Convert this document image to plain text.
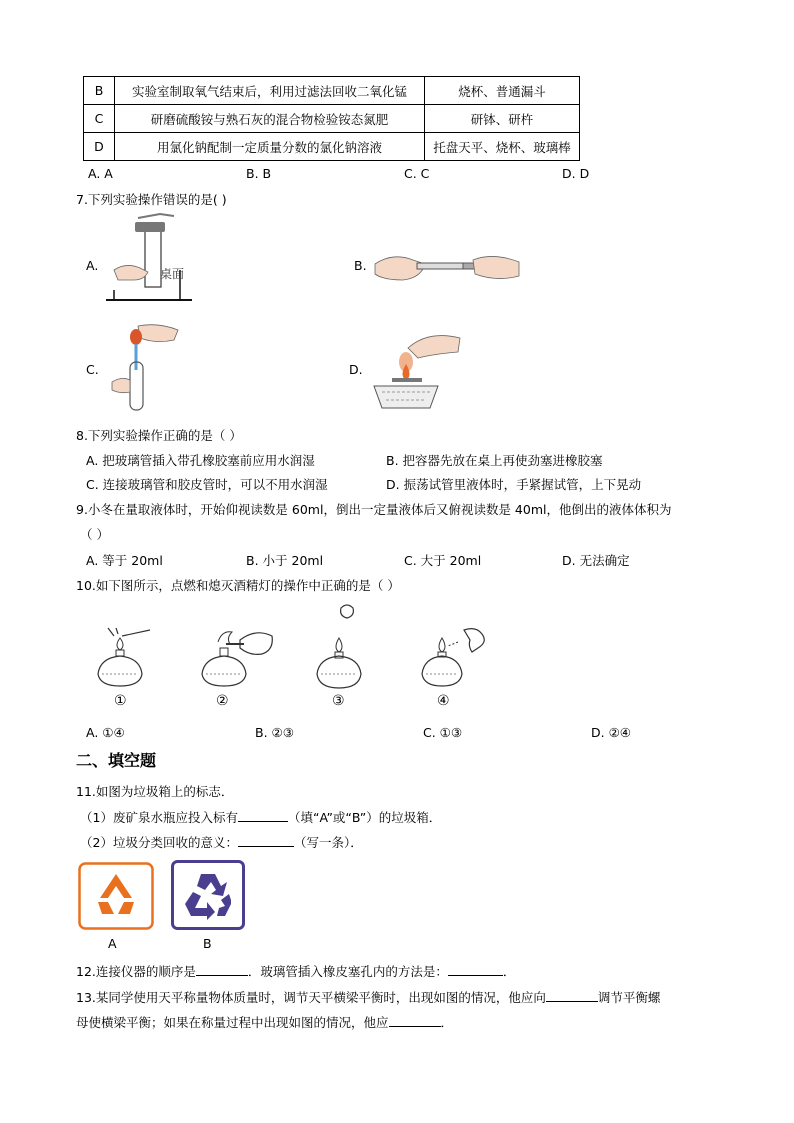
B	实验室制取氧气结束后，利用过滤法回收二氧化锰	烧杯、普通漏斗
C	研磨硫酸铵与熟石灰的混合物检验铵态氮肥	研钵、研杵
D	用氯化钠配制一定质量分数的氯化钠溶液	托盘天平、烧杯、玻璃棒
A. A	B. B	C. C	D. D
7.下列实验操作错误的是( )
A.	B.
C.	D.
桌面
8.下列实验操作正确的是（ ）
A. 把玻璃管插入带孔橡胶塞前应用水润湿	B. 把容器先放在桌上再使劲塞进橡胶塞
C. 连接玻璃管和胶皮管时，可以不用水润湿	D. 振荡试管里液体时，手紧握试管，上下晃动
9.小冬在量取液体时，开始仰视读数是 60ml，倒出一定量液体后又俯视读数是 40ml，他倒出的液体体积为
（ ）
A. 等于 20ml	B. 小于 20ml	C. 大于 20ml	D. 无法确定
10.如下图所示，点燃和熄灭酒精灯的操作中正确的是（ ）
①	②	③	④
A. ①④	B. ②③	C. ①③	D. ②④
二、填空题
11.如图为垃圾箱上的标志．
（1）废矿泉水瓶应投入标有	（填“A”或“B”）的垃圾箱．
（2）垃圾分类回收的意义：	（写一条）．
A	B
12.连接仪器的顺序是	．玻璃管插入橡皮塞孔内的方法是：	．
13.某同学使用天平称量物体质量时，调节天平横梁平衡时，出现如图的情况，他应向	调节平衡螺
母使横梁平衡；如果在称量过程中出现如图的情况，他应	．
